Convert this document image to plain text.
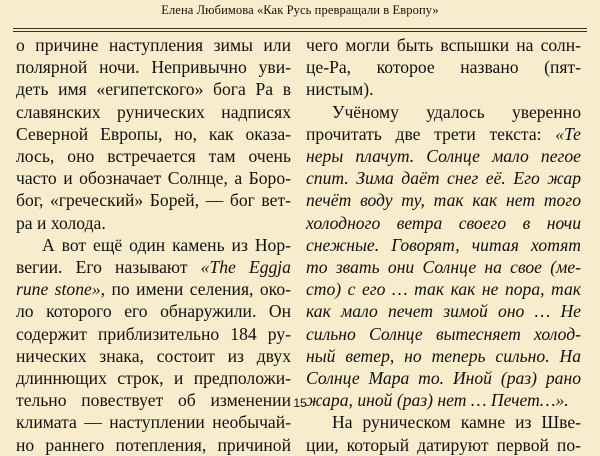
Елена Любимова «Как Русь превращали в Европу»

о причине наступления зимы или
полярной ночи. Непривычно уви-
деть имя «египетского» бога Ра в
славянских рунических надписях
Северной Европы, но, как оказа-
лось, оно встречается там очень
часто и обозначает Солнце, а Боро-
бог, «греческий» Борей, — бог вет-
ра и холода.

А вот ещё один камень из Нор-
вегии. Его называют «The Eggja
rune stone», по имени селения, око-
ло которого его обнаружили. Он
содержит приблизительно 184 ру-
нических знака, состоит из двух
длиннющих строк, и предположи-
тельно повествует об изменении
климата — наступлении необычай-
но раннего потепления, причиной

чего могли быть вспышки на солн-
це-Ра, которое названо (пят-
нистым).

Учёному удалось уверенно
прочитать две трети текста: «Те
неры плачут. Солнце мало пегое
спит. Зима даёт снег её. Его жар
печёт воду ту, так как нет того
холодного ветра своего в ночи
снежные. Говорят, читая хотят
то звать они Солнце на свое (ме-
сто) с его … так как не пора, так
как мало печет зимой оно … Не
сильно Солнце вытесняет холод-
ный ветер, но теперь сильно. На
Солнце Мара то. Иной (раз) рано
жара, иной (раз) нет … Печет…».

На руническом камне из Шве-
ции, который датируют первой по-

15
